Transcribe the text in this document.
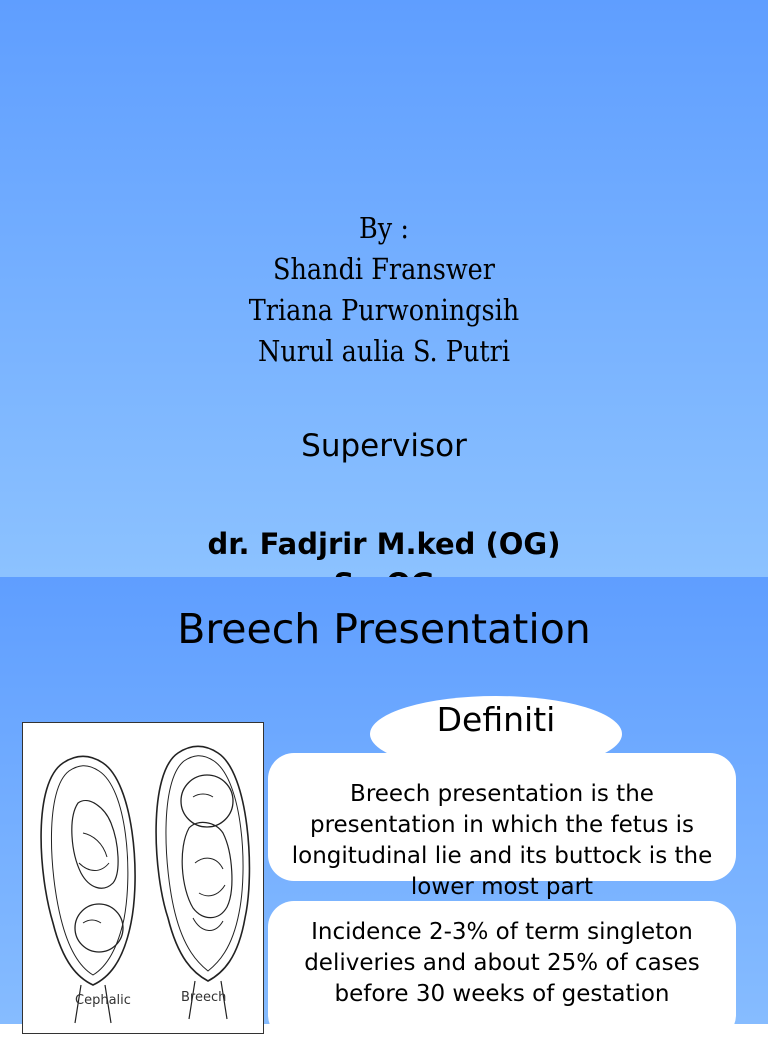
By :
Shandi Franswer
Triana Purwoningsih
Nurul aulia S. Putri
Supervisor
dr. Fadjrir M.ked (OG)
Breech Presentation
Cephalic	Breech

Breech presentation is the presentation in which the fetus is longitudinal lie and its buttock is the lower most part

Definiti

Incidence 2-3% of term singleton deliveries and about 25% of cases before 30 weeks of gestation
